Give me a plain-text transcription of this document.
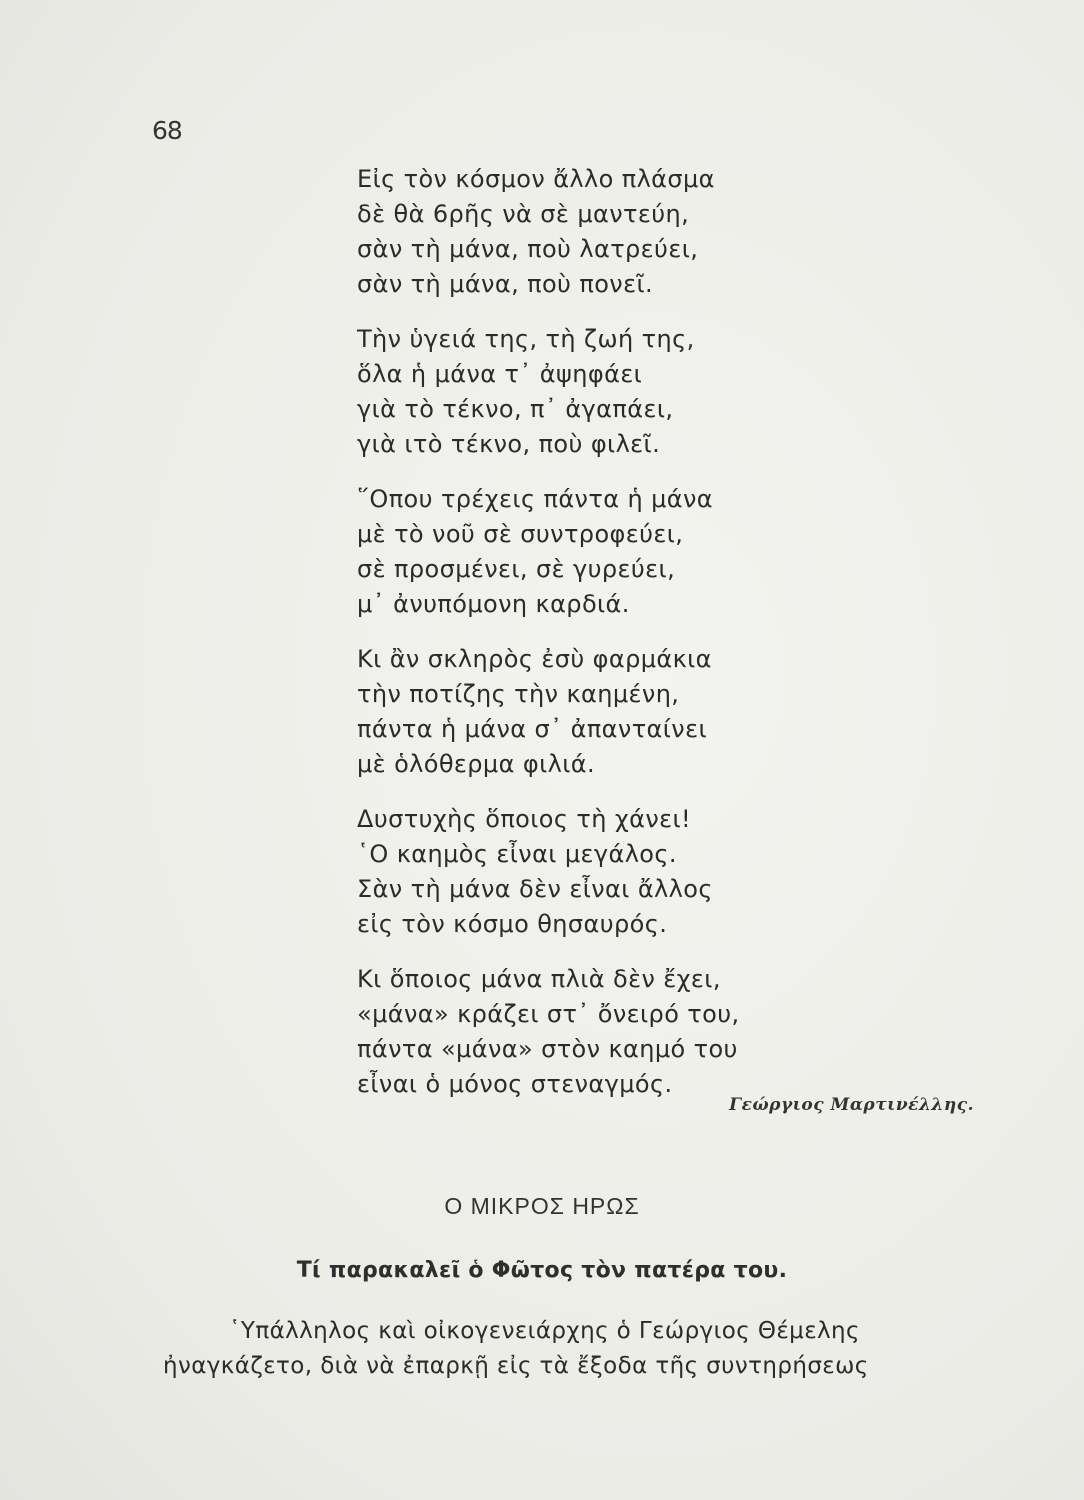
68
Εἰς τὸν κόσμον ἄλλο πλάσμα
δὲ θὰ 6ρῆς νὰ σὲ μαντεύη,
σὰν τὴ μάνα, ποὺ λατρεύει,
σὰν τὴ μάνα, ποὺ πονεῖ.
Τὴν ὑγειά της, τὴ ζωή της,
ὅλα ἡ μάνα τ᾿ ἀψηφάει
γιὰ τὸ τέκνο, π᾿ ἀγαπάει,
γιὰ ιτὸ τέκνο, ποὺ φιλεῖ.
῞Οπου τρέχεις πάντα ἡ μάνα
μὲ τὸ νοῦ σὲ συντροφεύει,
σὲ προσμένει, σὲ γυρεύει,
μ᾿ ἀνυπόμονη καρδιά.
Κι ἂν σκληρὸς ἐσὺ φαρμάκια
τὴν ποτίζης τὴν καημένη,
πάντα ἡ μάνα σ᾿ ἀπανταίνει
μὲ ὁλόθερμα φιλιά.
Δυστυχὴς ὅποιος τὴ χάνει!
῾Ο καημὸς εἶναι μεγάλος.
Σὰν τὴ μάνα δὲν εἶναι ἄλλος
εἰς τὸν κόσμο θησαυρός.
Κι ὅποιος μάνα πλιὰ δὲν ἔχει,
«μάνα» κράζει στ᾿ ὄνειρό του,
πάντα «μάνα» στὸν καημό του
εἶναι ὁ μόνος στεναγμός.
Γεώργιος Μαρτινέλλης.
Ο ΜΙΚΡΟΣ ΗΡΩΣ
Τί παρακαλεῖ ὁ Φῶτος τὸν πατέρα του.
῾Υπάλληλος καὶ οἰκογενειάρχης ὁ Γεώργιος Θέμελης
ἠναγκάζετο, διὰ νὰ ἐπαρκῇ εἰς τὰ ἔξοδα τῆς συντηρήσεως
